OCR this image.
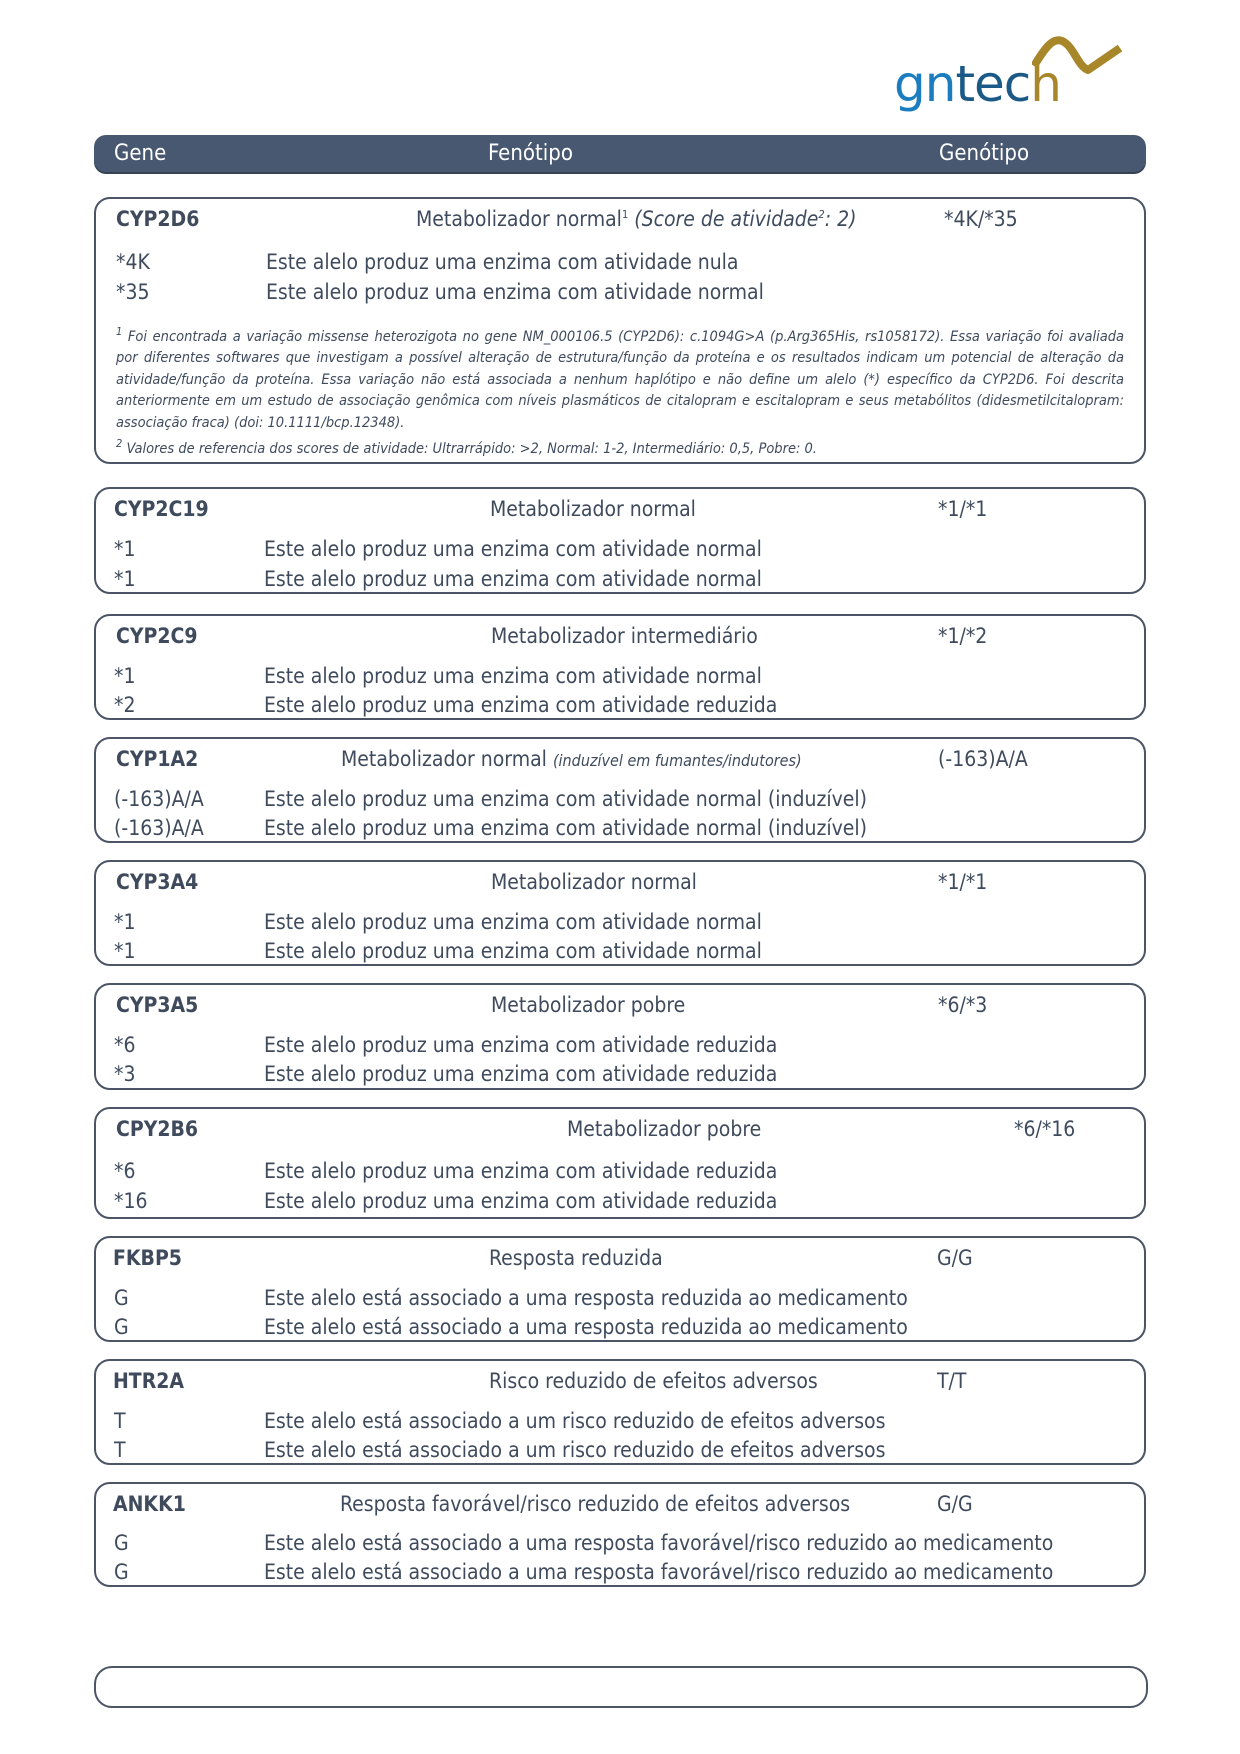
gntech
Gene	Fenótipo	Genótipo
CYP2D6	Metabolizador normal$^1$ (Score de atividade$^2$: 2)	*4K/*35
*4K	Este alelo produz uma enzima com atividade nula
*35	Este alelo produz uma enzima com atividade normal
$^1$ Foi encontrada a variação missense heterozigota no gene NM_000106.5 (CYP2D6): c.1094G>A (p.Arg365His, rs1058172). Essa variação foi avaliada por diferentes softwares que investigam a possível alteração de estrutura/função da proteína e os resultados indicam um potencial de alteração da atividade/função da proteína. Essa variação não está associada a nenhum haplótipo e não define um alelo (*) específico da CYP2D6. Foi descrita anteriormente em um estudo de associação genômica com níveis plasmáticos de citalopram e escitalopram e seus metabólitos (didesmetilcitalopram: associação fraca) (doi: 10.1111/bcp.12348).
$^2$ Valores de referencia dos scores de atividade: Ultrarrápido: >2, Normal: 1-2, Intermediário: 0,5, Pobre: 0.
CYP2C19	Metabolizador normal	*1/*1
*1	Este alelo produz uma enzima com atividade normal
*1	Este alelo produz uma enzima com atividade normal
CYP2C9	Metabolizador intermediário	*1/*2
*1	Este alelo produz uma enzima com atividade normal
*2	Este alelo produz uma enzima com atividade reduzida
CYP1A2	Metabolizador normal (induzível em fumantes/indutores)	(-163)A/A
(-163)A/A	Este alelo produz uma enzima com atividade normal (induzível)
(-163)A/A	Este alelo produz uma enzima com atividade normal (induzível)
CYP3A4	Metabolizador normal	*1/*1
*1	Este alelo produz uma enzima com atividade normal
*1	Este alelo produz uma enzima com atividade normal
CYP3A5	Metabolizador pobre	*6/*3
*6	Este alelo produz uma enzima com atividade reduzida
*3	Este alelo produz uma enzima com atividade reduzida
CPY2B6	Metabolizador pobre	*6/*16
*6	Este alelo produz uma enzima com atividade reduzida
*16	Este alelo produz uma enzima com atividade reduzida
FKBP5	Resposta reduzida	G/G
G	Este alelo está associado a uma resposta reduzida ao medicamento
G	Este alelo está associado a uma resposta reduzida ao medicamento
HTR2A	Risco reduzido de efeitos adversos	T/T
T	Este alelo está associado a um risco reduzido de efeitos adversos
T	Este alelo está associado a um risco reduzido de efeitos adversos
ANKK1	Resposta favorável/risco reduzido de efeitos adversos	G/G
G	Este alelo está associado a uma resposta favorável/risco reduzido ao medicamento
G	Este alelo está associado a uma resposta favorável/risco reduzido ao medicamento
